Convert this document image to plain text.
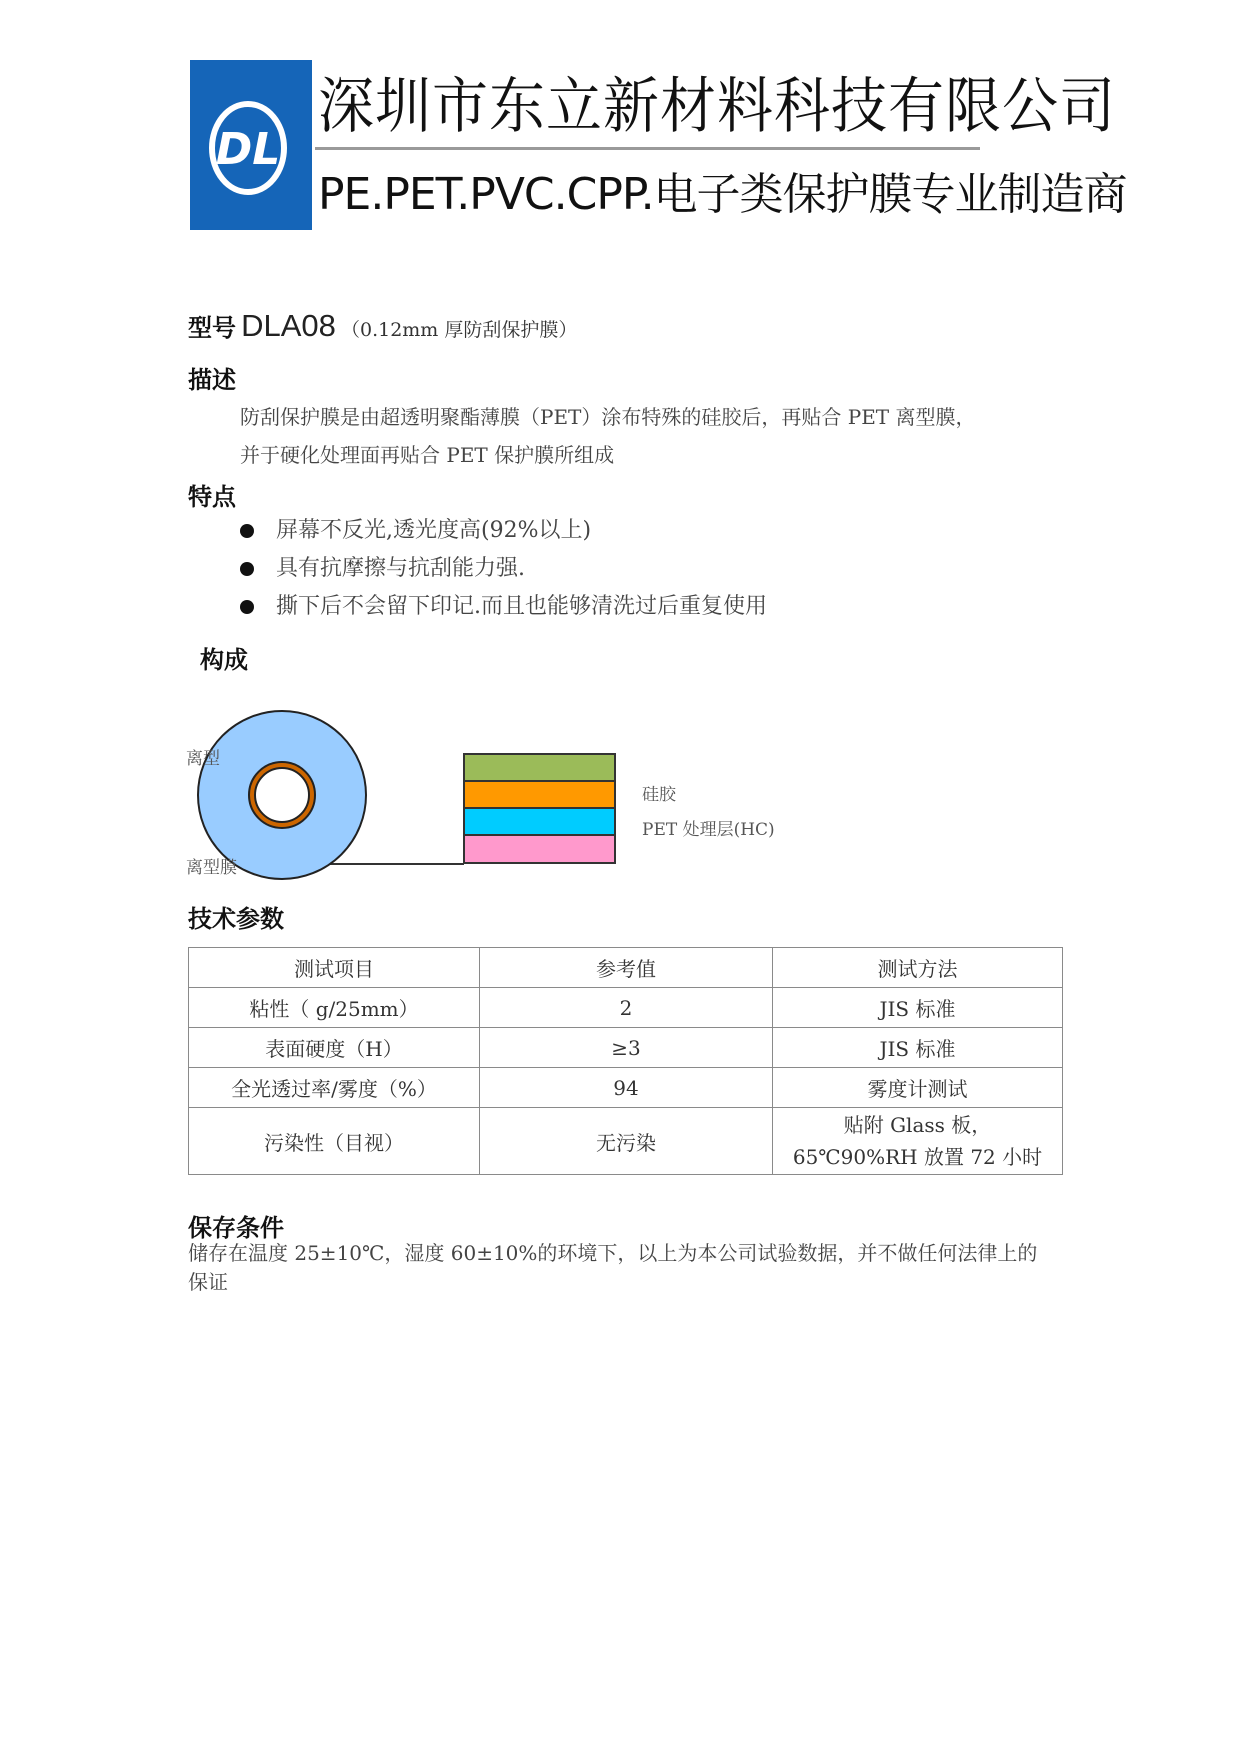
DL
深圳市东立新材料科技有限公司
PE.PET.PVC.CPP.电子类保护膜专业制造商
型号 DLA08 （0.12mm 厚防刮保护膜）
描述
防刮保护膜是由超透明聚酯薄膜（PET）涂布特殊的硅胶后，再贴合 PET 离型膜，
并于硬化处理面再贴合 PET 保护膜所组成
特点
屏幕不反光,透光度高(92%以上)
具有抗摩擦与抗刮能力强.
撕下后不会留下印记.而且也能够清洗过后重复使用
构成
离型
离型膜
硅胶
PET 处理层(HC)
技术参数
测试项目	参考值	测试方法
粘性（ g/25mm）	2	JIS 标准
表面硬度（H）	≥3	JIS 标准
全光透过率/雾度（%）	94	雾度计测试
污染性（目视）	无污染	贴附 Glass 板，
65℃90%RH 放置 72 小时
保存条件
储存在温度 25±10℃，湿度 60±10%的环境下，以上为本公司试验数据，并不做任何法律上的保证
